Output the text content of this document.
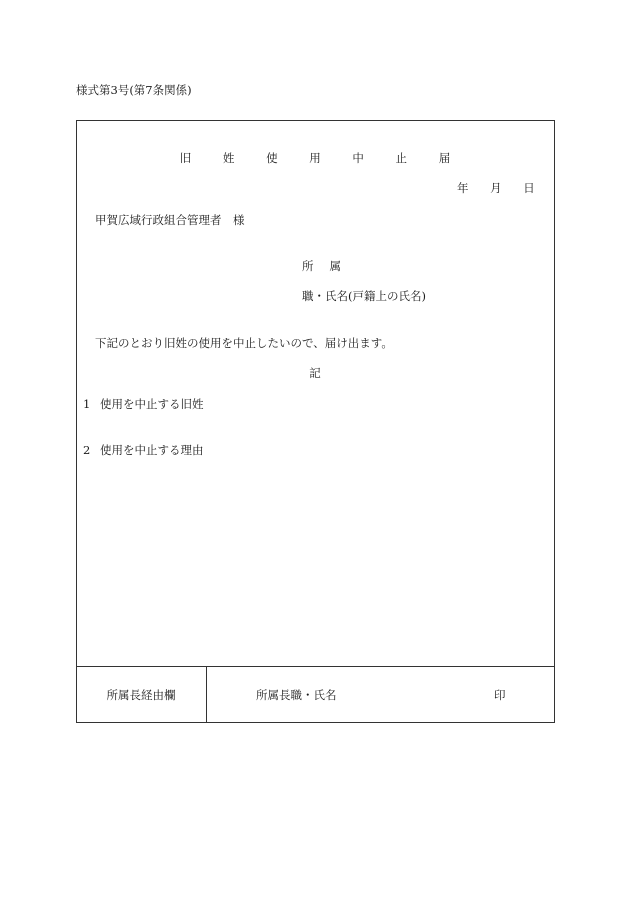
様式第3号(第7条関係)
旧 姓 使 用 中 止 届
年 月 日
甲賀広域行政組合管理者　様
所属
職・氏名(戸籍上の氏名)
下記のとおり旧姓の使用を中止したいので、届け出ます。
記
1 使用を中止する旧姓
2 使用を中止する理由
所属長経由欄	所属長職・氏名	印
